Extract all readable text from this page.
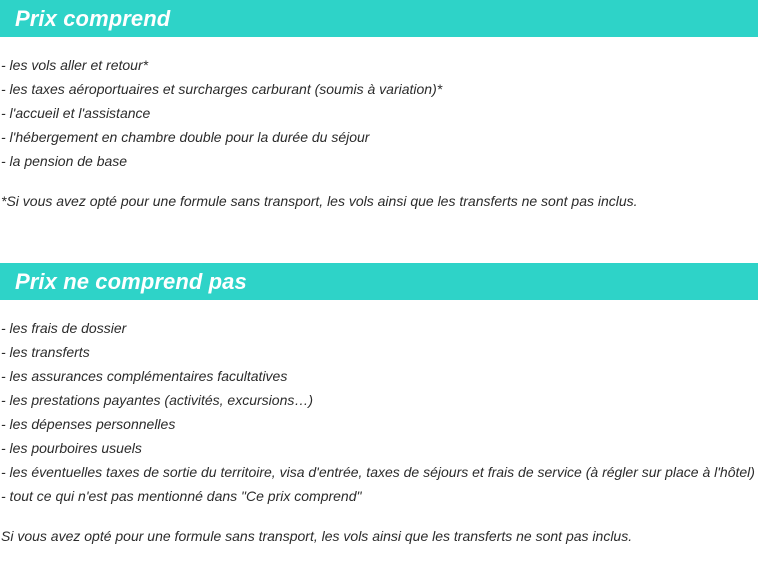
Prix comprend
- les vols aller et retour*
- les taxes aéroportuaires et surcharges carburant (soumis à variation)*
- l'accueil et l'assistance
- l'hébergement en chambre double pour la durée du séjour
- la pension de base

*Si vous avez opté pour une formule sans transport, les vols ainsi que les transferts ne sont pas inclus.

Prix ne comprend pas
- les frais de dossier
- les transferts
- les assurances complémentaires facultatives
- les prestations payantes (activités, excursions…)
- les dépenses personnelles
- les pourboires usuels
- les éventuelles taxes de sortie du territoire, visa d'entrée, taxes de séjours et frais de service (à régler sur place à l'hôtel)
- tout ce qui n'est pas mentionné dans "Ce prix comprend"

Si vous avez opté pour une formule sans transport, les vols ainsi que les transferts ne sont pas inclus.
